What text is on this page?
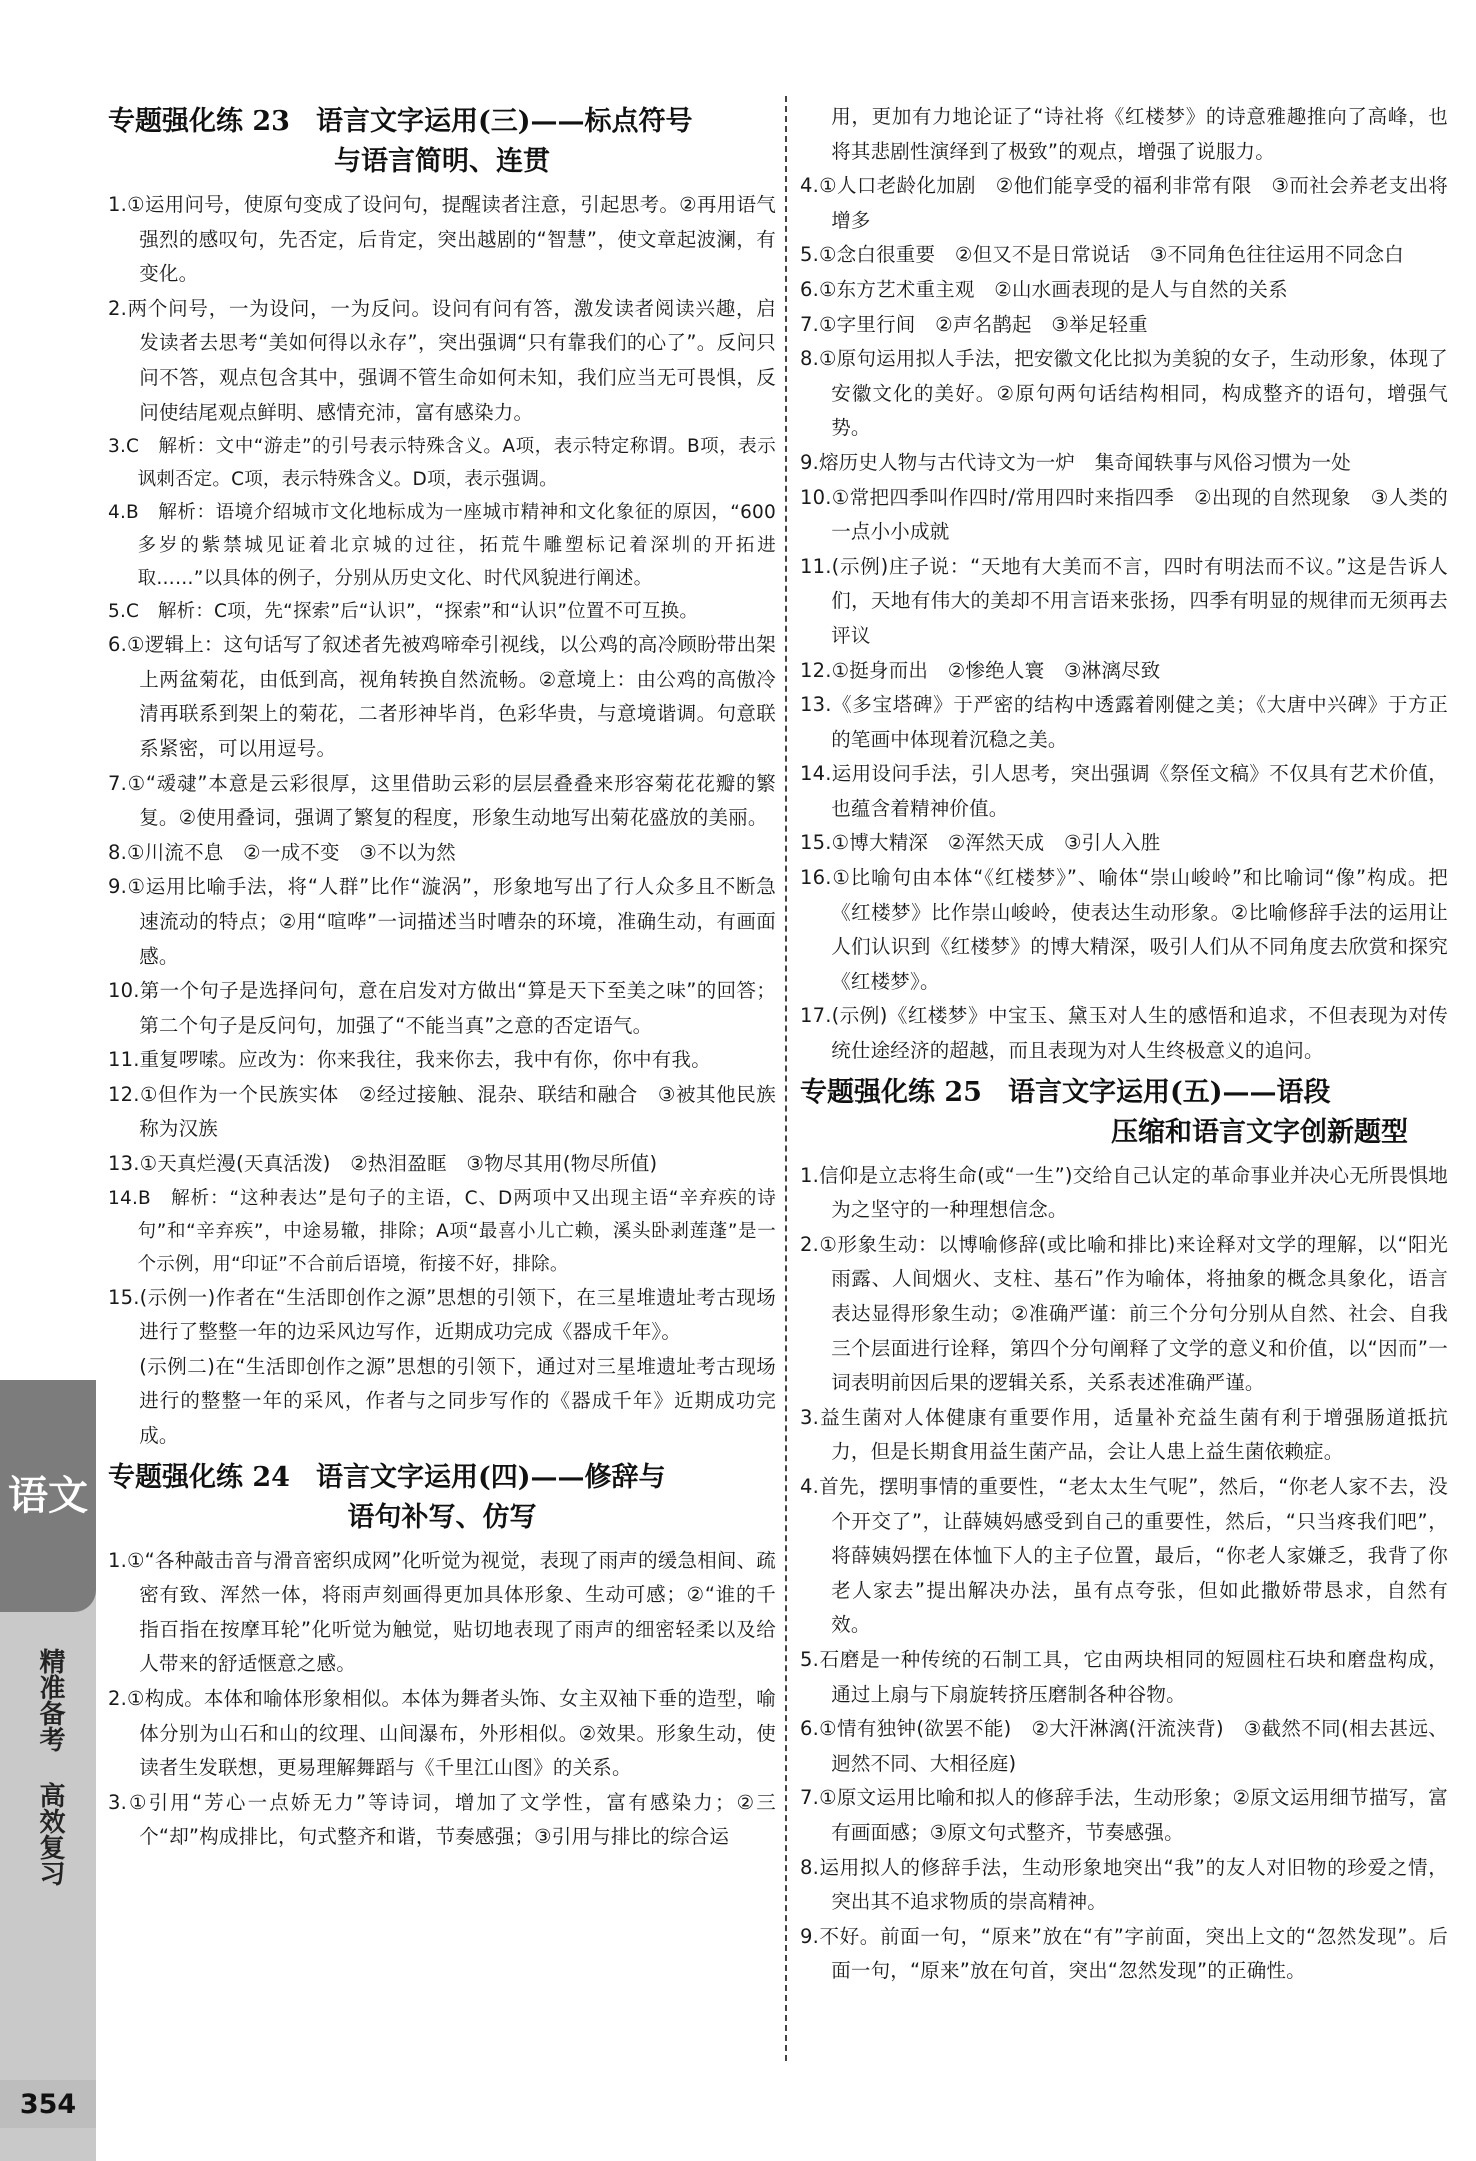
语文
精准备考
高效复习
354
专题强化练 23 语言文字运用(三)——标点符号
与语言简明、连贯

1.①运用问号，使原句变成了设问句，提醒读者注意，引起思考。②再用语气强烈的感叹句，先否定，后肯定，突出越剧的“智慧”，使文章起波澜，有变化。

2.两个问号，一为设问，一为反问。设问有问有答，激发读者阅读兴趣，启发读者去思考“美如何得以永存”，突出强调“只有靠我们的心了”。反问只问不答，观点包含其中，强调不管生命如何未知，我们应当无可畏惧，反问使结尾观点鲜明、感情充沛，富有感染力。

3.C　解析：文中“游走”的引号表示特殊含义。A项，表示特定称谓。B项，表示讽刺否定。C项，表示特殊含义。D项，表示强调。

4.B　解析：语境介绍城市文化地标成为一座城市精神和文化象征的原因，“600多岁的紫禁城见证着北京城的过往，拓荒牛雕塑标记着深圳的开拓进取……”以具体的例子，分别从历史文化、时代风貌进行阐述。

5.C　解析：C项，先“探索”后“认识”，“探索”和“认识”位置不可互换。

6.①逻辑上：这句话写了叙述者先被鸡啼牵引视线，以公鸡的高冷顾盼带出架上两盆菊花，由低到高，视角转换自然流畅。②意境上：由公鸡的高傲冷清再联系到架上的菊花，二者形神毕肖，色彩华贵，与意境谐调。句意联系紧密，可以用逗号。

7.①“叆叇”本意是云彩很厚，这里借助云彩的层层叠叠来形容菊花花瓣的繁复。②使用叠词，强调了繁复的程度，形象生动地写出菊花盛放的美丽。

8.①川流不息　②一成不变　③不以为然

9.①运用比喻手法，将“人群”比作“漩涡”，形象地写出了行人众多且不断急速流动的特点；②用“喧哗”一词描述当时嘈杂的环境，准确生动，有画面感。

10.第一个句子是选择问句，意在启发对方做出“算是天下至美之味”的回答；第二个句子是反问句，加强了“不能当真”之意的否定语气。

11.重复啰嗦。应改为：你来我往，我来你去，我中有你，你中有我。

12.①但作为一个民族实体　②经过接触、混杂、联结和融合　③被其他民族称为汉族

13.①天真烂漫(天真活泼)　②热泪盈眶　③物尽其用(物尽所值)

14.B　解析：“这种表达”是句子的主语，C、D两项中又出现主语“辛弃疾的诗句”和“辛弃疾”，中途易辙，排除；A项“最喜小儿亡赖，溪头卧剥莲蓬”是一个示例，用“印证”不合前后语境，衔接不好，排除。

15.(示例一)作者在“生活即创作之源”思想的引领下，在三星堆遗址考古现场进行了整整一年的边采风边写作，近期成功完成《器成千年》。

(示例二)在“生活即创作之源”思想的引领下，通过对三星堆遗址考古现场进行的整整一年的采风，作者与之同步写作的《器成千年》近期成功完成。

专题强化练 24 语言文字运用(四)——修辞与
语句补写、仿写

1.①“各种敲击音与滑音密织成网”化听觉为视觉，表现了雨声的缓急相间、疏密有致、浑然一体，将雨声刻画得更加具体形象、生动可感；②“谁的千指百指在按摩耳轮”化听觉为触觉，贴切地表现了雨声的细密轻柔以及给人带来的舒适惬意之感。

2.①构成。本体和喻体形象相似。本体为舞者头饰、女主双袖下垂的造型，喻体分别为山石和山的纹理、山间瀑布，外形相似。②效果。形象生动，使读者生发联想，更易理解舞蹈与《千里江山图》的关系。

3.①引用“芳心一点娇无力”等诗词，增加了文学性，富有感染力；②三个“却”构成排比，句式整齐和谐，节奏感强；③引用与排比的综合运

用，更加有力地论证了“诗社将《红楼梦》的诗意雅趣推向了高峰，也将其悲剧性演绎到了极致”的观点，增强了说服力。

4.①人口老龄化加剧　②他们能享受的福利非常有限　③而社会养老支出将增多

5.①念白很重要　②但又不是日常说话　③不同角色往往运用不同念白

6.①东方艺术重主观　②山水画表现的是人与自然的关系

7.①字里行间　②声名鹊起　③举足轻重

8.①原句运用拟人手法，把安徽文化比拟为美貌的女子，生动形象，体现了安徽文化的美好。②原句两句话结构相同，构成整齐的语句，增强气势。

9.熔历史人物与古代诗文为一炉　集奇闻轶事与风俗习惯为一处

10.①常把四季叫作四时/常用四时来指四季　②出现的自然现象　③人类的一点小小成就

11.(示例)庄子说：“天地有大美而不言，四时有明法而不议。”这是告诉人们，天地有伟大的美却不用言语来张扬，四季有明显的规律而无须再去评议

12.①挺身而出　②惨绝人寰　③淋漓尽致

13.《多宝塔碑》于严密的结构中透露着刚健之美；《大唐中兴碑》于方正的笔画中体现着沉稳之美。

14.运用设问手法，引人思考，突出强调《祭侄文稿》不仅具有艺术价值，也蕴含着精神价值。

15.①博大精深　②浑然天成　③引人入胜

16.①比喻句由本体“《红楼梦》”、喻体“崇山峻岭”和比喻词“像”构成。把《红楼梦》比作崇山峻岭，使表达生动形象。②比喻修辞手法的运用让人们认识到《红楼梦》的博大精深，吸引人们从不同角度去欣赏和探究《红楼梦》。

17.(示例)《红楼梦》中宝玉、黛玉对人生的感悟和追求，不但表现为对传统仕途经济的超越，而且表现为对人生终极意义的追问。

专题强化练 25 语言文字运用(五)——语段
压缩和语言文字创新题型

1.信仰是立志将生命(或“一生”)交给自己认定的革命事业并决心无所畏惧地为之坚守的一种理想信念。

2.①形象生动：以博喻修辞(或比喻和排比)来诠释对文学的理解，以“阳光雨露、人间烟火、支柱、基石”作为喻体，将抽象的概念具象化，语言表达显得形象生动；②准确严谨：前三个分句分别从自然、社会、自我三个层面进行诠释，第四个分句阐释了文学的意义和价值，以“因而”一词表明前因后果的逻辑关系，关系表述准确严谨。

3.益生菌对人体健康有重要作用，适量补充益生菌有利于增强肠道抵抗力，但是长期食用益生菌产品，会让人患上益生菌依赖症。

4.首先，摆明事情的重要性，“老太太生气呢”，然后，“你老人家不去，没个开交了”，让薛姨妈感受到自己的重要性，然后，“只当疼我们吧”，将薛姨妈摆在体恤下人的主子位置，最后，“你老人家嫌乏，我背了你老人家去”提出解决办法，虽有点夸张，但如此撒娇带恳求，自然有效。

5.石磨是一种传统的石制工具，它由两块相同的短圆柱石块和磨盘构成，通过上扇与下扇旋转挤压磨制各种谷物。

6.①情有独钟(欲罢不能)　②大汗淋漓(汗流浃背)　③截然不同(相去甚远、迥然不同、大相径庭)

7.①原文运用比喻和拟人的修辞手法，生动形象；②原文运用细节描写，富有画面感；③原文句式整齐，节奏感强。

8.运用拟人的修辞手法，生动形象地突出“我”的友人对旧物的珍爱之情，突出其不追求物质的崇高精神。

9.不好。前面一句，“原来”放在“有”字前面，突出上文的“忽然发现”。后面一句，“原来”放在句首，突出“忽然发现”的正确性。
